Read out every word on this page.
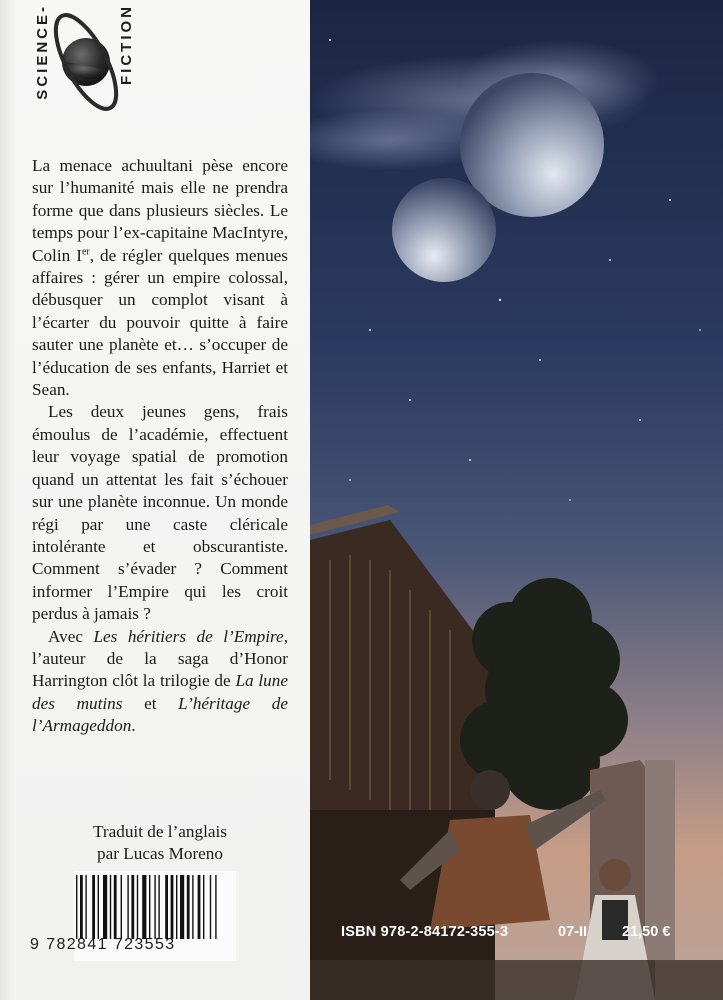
SCIENCE-	FICTION

La menace achuultani pèse encore sur l’humanité mais elle ne prendra forme que dans plusieurs siècles. Le temps pour l’ex-capitaine MacIntyre, Colin Ier, de régler quelques menues affaires : gérer un empire colossal, débusquer un complot visant à l’écarter du pouvoir quitte à faire sauter une planète et… s’occuper de l’éducation de ses enfants, Harriet et Sean.

Les deux jeunes gens, frais émoulus de l’académie, effectuent leur voyage spatial de promotion quand un attentat les fait s’échouer sur une planète inconnue. Un monde régi par une caste cléricale intolérante et obscurantiste. Comment s’évader ? Comment informer l’Empire qui les croit perdus à jamais ?

Avec Les héritiers de l’Empire, l’auteur de la saga d’Honor Harrington clôt la trilogie de La lune des mutins et L’héritage de l’Armageddon.

Traduit de l’anglais
par Lucas Moreno
9 782841 723553
ISBN 978-2-84172-355-3	07-II 21,50 €
